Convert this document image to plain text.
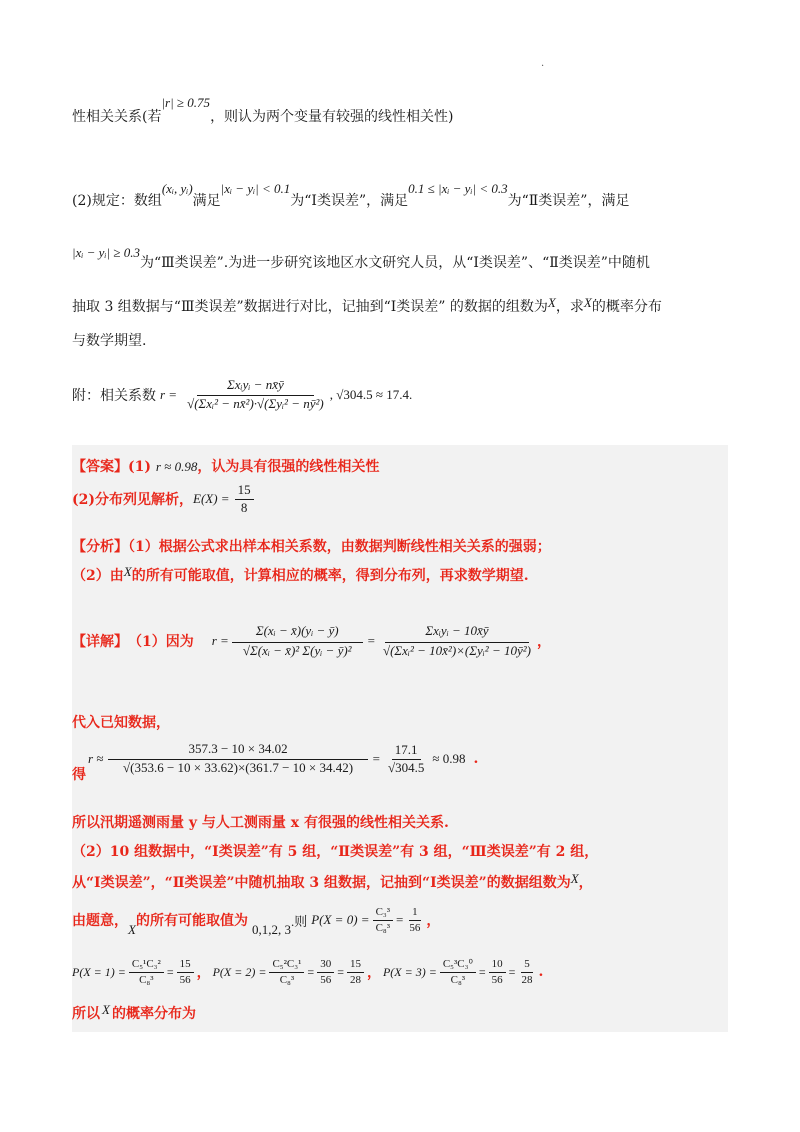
.
性相关关系(若|r| ≥ 0.75，则认为两个变量有较强的线性相关性)
(2)规定：数组(xᵢ, yᵢ)满足|xᵢ − yᵢ| < 0.1为“Ⅰ类误差”，满足0.1 ≤ |xᵢ − yᵢ| < 0.3为“Ⅱ类误差”，满足
|xᵢ − yᵢ| ≥ 0.3为“Ⅲ类误差”.为进一步研究该地区水文研究人员，从“Ⅰ类误差”、“Ⅱ类误差”中随机
抽取 3 组数据与“Ⅲ类误差”数据进行对比，记抽到“Ⅰ类误差” 的数据的组数为X，求X的概率分布
与数学期望.
附：相关系数 $r = \frac{\text{Σxᵢyᵢ − nx̄ȳ}}{\text{√(Σxᵢ² − nx̄²)·√(Σyᵢ² − nȳ²)}}$ , √304.5 ≈ 17.4 .
【答案】(1) r ≈ 0.98，认为具有很强的线性相关性
(2)分布列见解析， $E(X) = \frac{15}{8}$
【分析】（1）根据公式求出样本相关系数，由数据判断线性相关关系的强弱；
（2）由X的所有可能取值，计算相应的概率，得到分布列，再求数学期望.
【详解】 （1）因为 $r = \frac{\text{Σ(xᵢ − x̄)(yᵢ − ȳ)}}{\text{√Σ(xᵢ − x̄)² Σ(yᵢ − ȳ)²}} = \frac{\text{Σxᵢyᵢ − 10x̄ȳ}}{\text{√(Σxᵢ² − 10x̄²)×(Σyᵢ² − 10ȳ²)}}$ ，
代入已知数据，
得
$r \approx \frac{357.3 - 10 \times 34.02}{√(353.6 - 10 \times 33.62)\times(361.7 - 10 \times 34.42)} = \frac{17.1}{√304.5} \approx 0.98$ .
所以汛期遥测雨量 y 与人工测雨量 x 有很强的线性相关关系.
（2）10 组数据中，“Ⅰ类误差”有 5 组，“Ⅱ类误差”有 3 组，“Ⅲ类误差”有 2 组，
从“Ⅰ类误差”，“Ⅱ类误差”中随机抽取 3 组数据，记抽到“Ⅰ类误差”的数据组数为X，
由题意，
X
的所有可能取值为
0,1,2, 3
.则 $P(X = 0) = \frac{\text{C₃³}}{\text{C₈³}} = \frac{1}{56}$ ，
$P(X = 1) = \frac{\text{C₅¹C₃²}}{\text{C₈³}} = \frac{15}{56}$ ， $P(X = 2) = \frac{\text{C₅²C₃¹}}{\text{C₈³}} = \frac{30}{56} = \frac{15}{28}$ ， $P(X = 3) = \frac{\text{C₅³C₃⁰}}{\text{C₈³}} = \frac{10}{56} = \frac{5}{28}$ .
所以 X 的概率分布为
